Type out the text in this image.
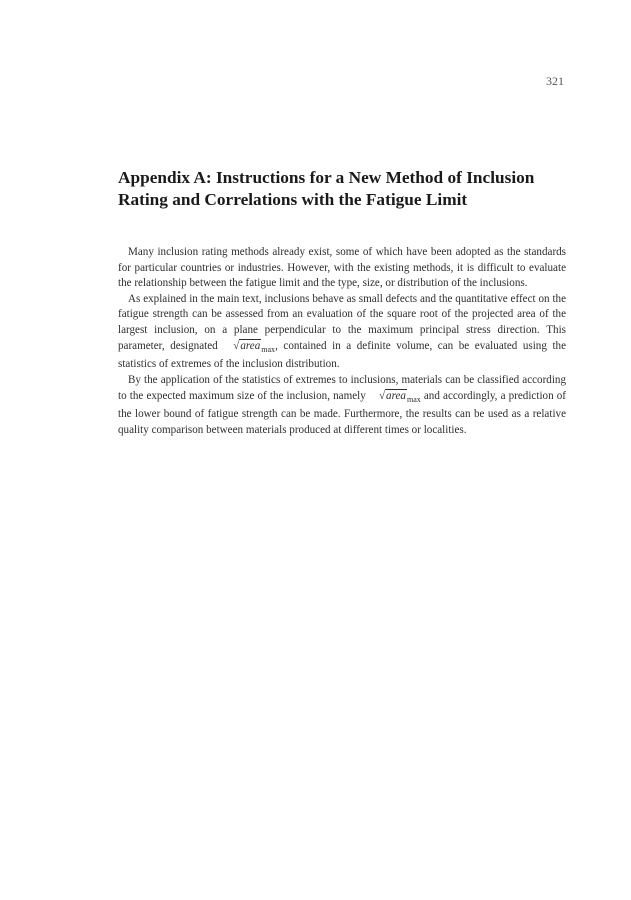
321
Appendix A: Instructions for a New Method of Inclusion Rating and Correlations with the Fatigue Limit

Many inclusion rating methods already exist, some of which have been adopted as the standards for particular countries or industries. However, with the existing methods, it is difficult to evaluate the relationship between the fatigue limit and the type, size, or distribution of the inclusions.

As explained in the main text, inclusions behave as small defects and the quantitative effect on the fatigue strength can be assessed from an evaluation of the square root of the projected area of the largest inclusion, on a plane perpendicular to the maximum principal stress direction. This parameter, designated √area$_{max}$, contained in a definite volume, can be evaluated using the statistics of extremes of the inclusion distribution.

By the application of the statistics of extremes to inclusions, materials can be classified according to the expected maximum size of the inclusion, namely √area$_{max}$ and accordingly, a prediction of the lower bound of fatigue strength can be made. Furthermore, the results can be used as a relative quality comparison between materials produced at different times or localities.
